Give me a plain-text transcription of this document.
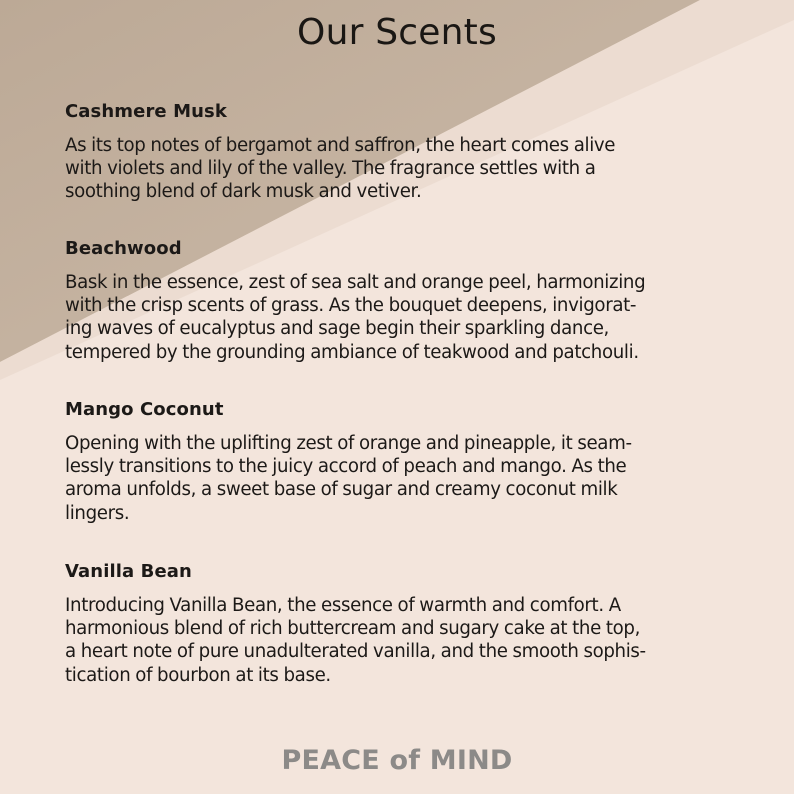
Our Scents
Cashmere Musk

As its top notes of bergamot and saffron, the heart comes alive
with violets and lily of the valley. The fragrance settles with a
soothing blend of dark musk and vetiver.

Beachwood

Bask in the essence, zest of sea salt and orange peel, harmonizing
with the crisp scents of grass. As the bouquet deepens, invigorat-
ing waves of eucalyptus and sage begin their sparkling dance,
tempered by the grounding ambiance of teakwood and patchouli.

Mango Coconut

Opening with the uplifting zest of orange and pineapple, it seam-
lessly transitions to the juicy accord of peach and mango. As the
aroma unfolds, a sweet base of sugar and creamy coconut milk
lingers.

Vanilla Bean

Introducing Vanilla Bean, the essence of warmth and comfort. A
harmonious blend of rich buttercream and sugary cake at the top,
a heart note of pure unadulterated vanilla, and the smooth sophis-
tication of bourbon at its base.

PEACE of MIND
